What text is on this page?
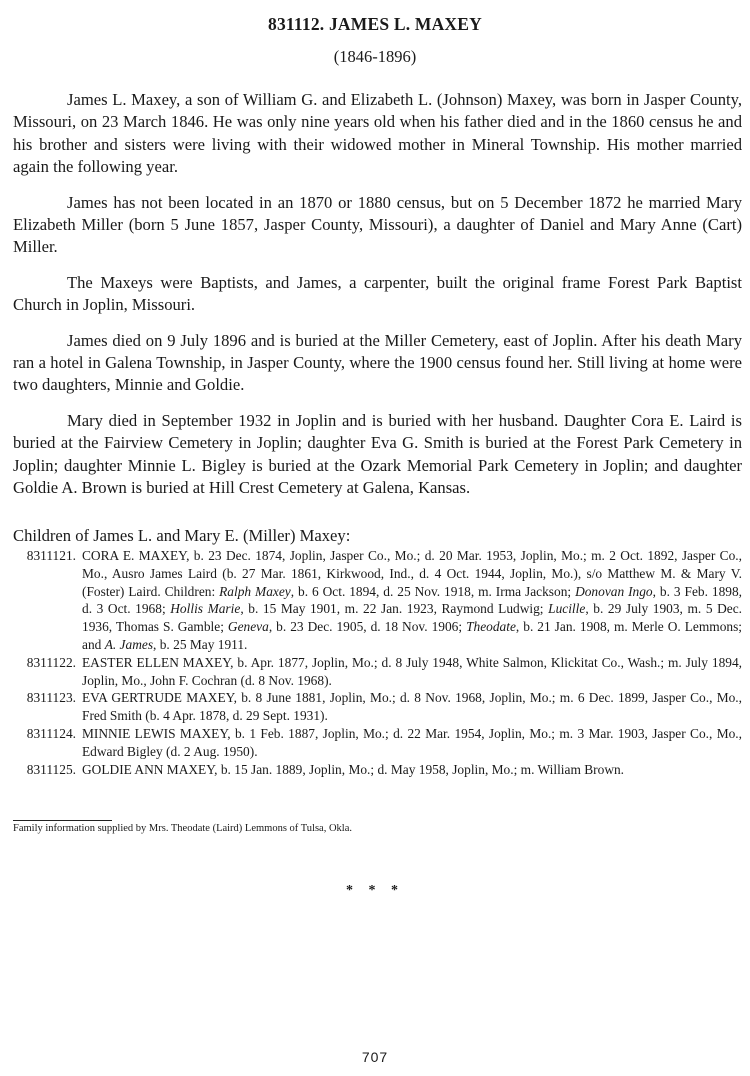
831112. JAMES L. MAXEY
(1846-1896)

James L. Maxey, a son of William G. and Elizabeth L. (Johnson) Maxey, was born in Jasper County, Missouri, on 23 March 1846. He was only nine years old when his father died and in the 1860 census he and his brother and sisters were living with their widowed mother in Mineral Township. His mother married again the following year.

James has not been located in an 1870 or 1880 census, but on 5 December 1872 he married Mary Elizabeth Miller (born 5 June 1857, Jasper County, Missouri), a daughter of Daniel and Mary Anne (Cart) Miller.

The Maxeys were Baptists, and James, a carpenter, built the original frame Forest Park Baptist Church in Joplin, Missouri.

James died on 9 July 1896 and is buried at the Miller Cemetery, east of Joplin. After his death Mary ran a hotel in Galena Township, in Jasper County, where the 1900 census found her. Still living at home were two daughters, Minnie and Goldie.

Mary died in September 1932 in Joplin and is buried with her husband. Daughter Cora E. Laird is buried at the Fairview Cemetery in Joplin; daughter Eva G. Smith is buried at the Forest Park Cemetery in Joplin; daughter Minnie L. Bigley is buried at the Ozark Memorial Park Cemetery in Joplin; and daughter Goldie A. Brown is buried at Hill Crest Cemetery at Galena, Kansas.

Children of James L. and Mary E. (Miller) Maxey:
8311121. CORA E. MAXEY, b. 23 Dec. 1874, Joplin, Jasper Co., Mo.; d. 20 Mar. 1953, Joplin, Mo.; m. 2 Oct. 1892, Jasper Co., Mo., Ausro James Laird (b. 27 Mar. 1861, Kirkwood, Ind., d. 4 Oct. 1944, Joplin, Mo.), s/o Matthew M. & Mary V. (Foster) Laird. Children: Ralph Maxey, b. 6 Oct. 1894, d. 25 Nov. 1918, m. Irma Jackson; Donovan Ingo, b. 3 Feb. 1898, d. 3 Oct. 1968; Hollis Marie, b. 15 May 1901, m. 22 Jan. 1923, Raymond Ludwig; Lucille, b. 29 July 1903, m. 5 Dec. 1936, Thomas S. Gamble; Geneva, b. 23 Dec. 1905, d. 18 Nov. 1906; Theodate, b. 21 Jan. 1908, m. Merle O. Lemmons; and A. James, b. 25 May 1911.
8311122. EASTER ELLEN MAXEY, b. Apr. 1877, Joplin, Mo.; d. 8 July 1948, White Salmon, Klickitat Co., Wash.; m. July 1894, Joplin, Mo., John F. Cochran (d. 8 Nov. 1968).
8311123. EVA GERTRUDE MAXEY, b. 8 June 1881, Joplin, Mo.; d. 8 Nov. 1968, Joplin, Mo.; m. 6 Dec. 1899, Jasper Co., Mo., Fred Smith (b. 4 Apr. 1878, d. 29 Sept. 1931).
8311124. MINNIE LEWIS MAXEY, b. 1 Feb. 1887, Joplin, Mo.; d. 22 Mar. 1954, Joplin, Mo.; m. 3 Mar. 1903, Jasper Co., Mo., Edward Bigley (d. 2 Aug. 1950).
8311125. GOLDIE ANN MAXEY, b. 15 Jan. 1889, Joplin, Mo.; d. May 1958, Joplin, Mo.; m. William Brown.
Family information supplied by Mrs. Theodate (Laird) Lemmons of Tulsa, Okla.
* * *
707
